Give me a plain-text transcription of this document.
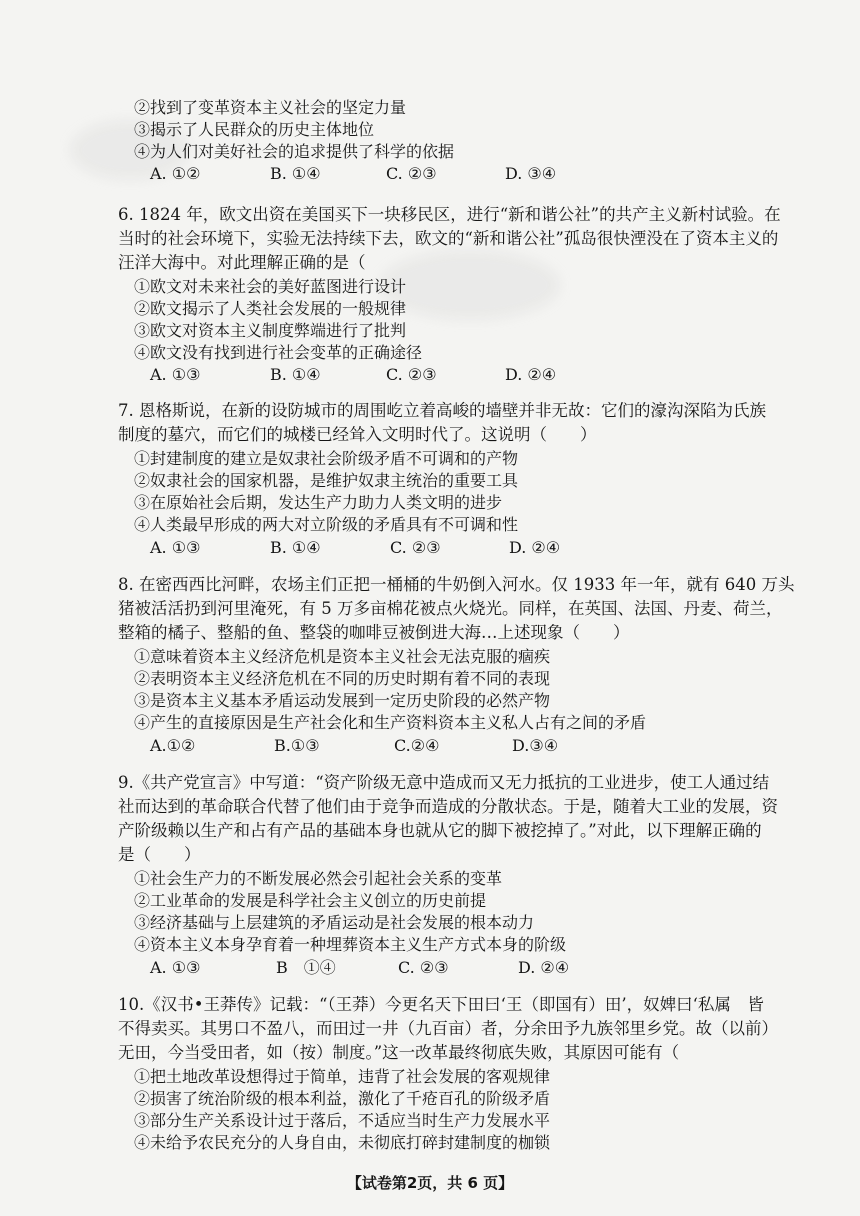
②找到了变革资本主义社会的坚定力量
③揭示了人民群众的历史主体地位
④为人们对美好社会的追求提供了科学的依据
A. ①②	B. ①④	C. ②③	D. ③④
6. 1824 年，欧文出资在美国买下一块移民区，进行“新和谐公社”的共产主义新村试验。在
当时的社会环境下，实验无法持续下去，欧文的“新和谐公社”孤岛很快湮没在了资本主义的
汪洋大海中。对此理解正确的是（
①欧文对未来社会的美好蓝图进行设计
②欧文揭示了人类社会发展的一般规律
③欧文对资本主义制度弊端进行了批判
④欧文没有找到进行社会变革的正确途径
A. ①③	B. ①④	C. ②③	D. ②④
7. 恩格斯说，在新的设防城市的周围屹立着高峻的墙壁并非无故：它们的濠沟深陷为氏族
制度的墓穴，而它们的城楼已经耸入文明时代了。这说明（　　）
①封建制度的建立是奴隶社会阶级矛盾不可调和的产物
②奴隶社会的国家机器，是维护奴隶主统治的重要工具
③在原始社会后期，发达生产力助力人类文明的进步
④人类最早形成的两大对立阶级的矛盾具有不可调和性
A. ①③	B. ①④	C. ②③	D. ②④
8. 在密西西比河畔，农场主们正把一桶桶的牛奶倒入河水。仅 1933 年一年，就有 640 万头
猪被活活扔到河里淹死，有 5 万多亩棉花被点火烧光。同样，在英国、法国、丹麦、荷兰，
整箱的橘子、整船的鱼、整袋的咖啡豆被倒进大海…上述现象（　　）
①意味着资本主义经济危机是资本主义社会无法克服的痼疾
②表明资本主义经济危机在不同的历史时期有着不同的表现
③是资本主义基本矛盾运动发展到一定历史阶段的必然产物
④产生的直接原因是生产社会化和生产资料资本主义私人占有之间的矛盾
A.①②	B.①③	C.②④	D.③④
9.《共产党宣言》中写道：“资产阶级无意中造成而又无力抵抗的工业进步，使工人通过结
社而达到的革命联合代替了他们由于竞争而造成的分散状态。于是，随着大工业的发展，资
产阶级赖以生产和占有产品的基础本身也就从它的脚下被挖掉了。”对此，以下理解正确的
是（　　）
①社会生产力的不断发展必然会引起社会关系的变革
②工业革命的发展是科学社会主义创立的历史前提
③经济基础与上层建筑的矛盾运动是社会发展的根本动力
④资本主义本身孕育着一种埋葬资本主义生产方式本身的阶级
A. ①③	B　①④	C. ②③	D. ②④
10.《汉书•王莽传》记载：“（王莽）今更名天下田曰‘王（即国有）田’，奴婢曰‘私属　皆
不得卖买。其男口不盈八，而田过一井（九百亩）者，分余田予九族邻里乡党。故（以前）
无田，今当受田者，如（按）制度。”这一改革最终彻底失败，其原因可能有（
①把土地改革设想得过于简单，违背了社会发展的客观规律
②损害了统治阶级的根本利益，激化了千疮百孔的阶级矛盾
③部分生产关系设计过于落后，不适应当时生产力发展水平
④未给予农民充分的人身自由，未彻底打碎封建制度的枷锁
【试卷第2页，共 6 页】
